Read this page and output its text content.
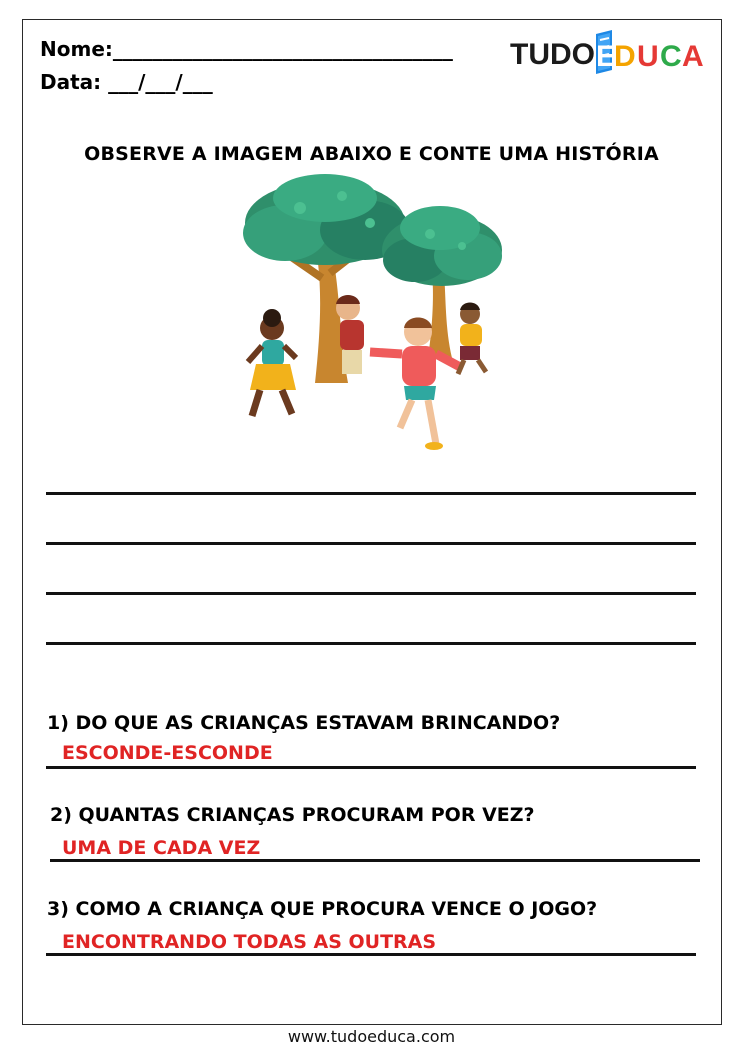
Nome:__________________________________
Data: ___/___/___
TUDO E
D U C A
OBSERVE A IMAGEM ABAIXO E CONTE UMA HISTÓRIA
1) DO QUE AS CRIANÇAS ESTAVAM BRINCANDO?
ESCONDE-ESCONDE
2) QUANTAS CRIANÇAS PROCURAM POR VEZ?
UMA DE CADA VEZ
3) COMO A CRIANÇA QUE PROCURA VENCE O JOGO?
ENCONTRANDO TODAS AS OUTRAS
www.tudoeduca.com
